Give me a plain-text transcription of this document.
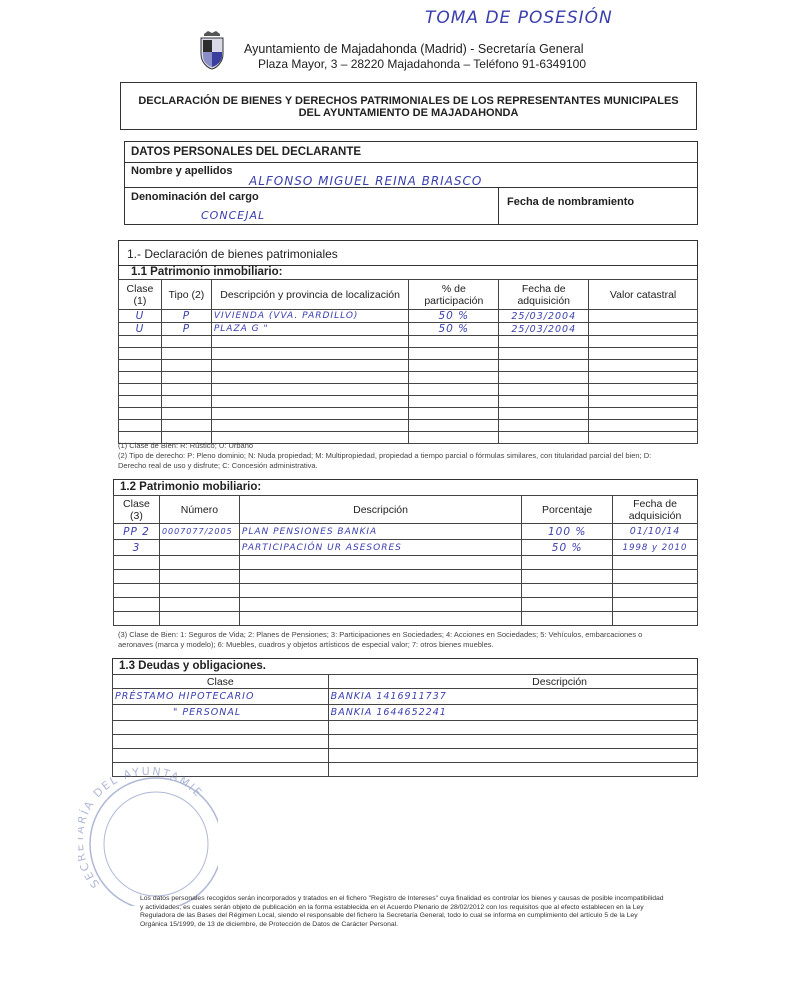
TOMA DE POSESIÓN
Ayuntamiento de Majadahonda (Madrid) - Secretaría General
Plaza Mayor, 3 – 28220 Majadahonda – Teléfono 91-6349100
DECLARACIÓN DE BIENES Y DERECHOS PATRIMONIALES DE LOS REPRESENTANTES MUNICIPALES
DEL AYUNTAMIENTO DE MAJADAHONDA
DATOS PERSONALES DEL DECLARANTE
Nombre y apellidos
ALFONSO MIGUEL REINA BRIASCO
Denominación del cargo
CONCEJAL
Fecha de nombramiento
1.- Declaración de bienes patrimoniales
1.1 Patrimonio inmobiliario:
Clase (1)	Tipo (2)	Descripción y provincia de localización	% de participación	Fecha de adquisición	Valor catastral
U	P	VIVIENDA (VVA. PARDILLO)	50 %	25/03/2004	
U	P	PLAZA G "	50 %	25/03/2004	

(1) Clase de Bien: R: Rústico; U: Urbano
(2) Tipo de derecho: P: Pleno dominio; N: Nuda propiedad; M: Multipropiedad, propiedad a tiempo parcial o fórmulas similares, con titularidad parcial del bien; D: Derecho real de uso y disfrute; C: Concesión administrativa.
1.2 Patrimonio mobiliario:
Clase (3)	Número	Descripción	Porcentaje	Fecha de adquisición
PP 2	0007077/2005	PLAN PENSIONES BANKIA	100 %	01/10/14
3		PARTICIPACIÓN UR ASESORES	50 %	1998 y 2010

(3) Clase de Bien: 1: Seguros de Vida; 2: Planes de Pensiones; 3: Participaciones en Sociedades; 4: Acciones en Sociedades; 5: Vehículos, embarcaciones o aeronaves (marca y modelo); 6: Muebles, cuadros y objetos artísticos de especial valor; 7: otros bienes muebles.
1.3 Deudas y obligaciones.
Clase	Descripción
PRÉSTAMO HIPOTECARIO	BANKIA 1416911737
" PERSONAL	BANKIA 1644652241

SEC ÍA DEL AYUNTAMIE
Los datos personales recogidos serán incorporados y tratados en el fichero "Registro de Intereses" cuya finalidad es controlar los bienes y causas de posible incompatibilidad y actividades, es cuales serán objeto de publicación en la forma establecida en el Acuerdo Plenario de 28/02/2012 con los requisitos que al efecto establecen en la Ley Reguladora de las Bases del Régimen Local, siendo el responsable del fichero la Secretaría General, todo lo cual se informa en cumplimiento del artículo 5 de la Ley Orgánica 15/1999, de 13 de diciembre, de Protección de Datos de Carácter Personal.
